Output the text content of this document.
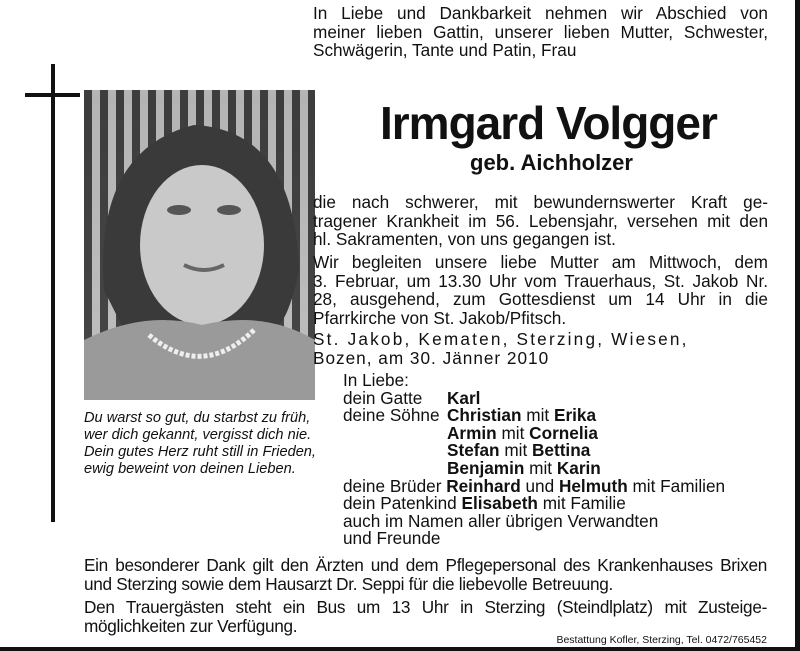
In Liebe und Dankbarkeit nehmen wir Abschied von
meiner lieben Gattin, unserer lieben Mutter, Schwester,
Schwägerin, Tante und Patin, Frau
Irmgard Volgger
geb. Aichholzer
die nach schwerer, mit bewundernswerter Kraft ge-
tragener Krankheit im 56. Lebensjahr, versehen mit den
hl. Sakramenten, von uns gegangen ist.
Wir begleiten unsere liebe Mutter am Mittwoch, dem
3. Februar, um 13.30 Uhr vom Trauerhaus, St. Jakob Nr.
28, ausgehend, zum Gottesdienst um 14 Uhr in die
Pfarrkirche von St. Jakob/Pfitsch.
St. Jakob, Kematen, Sterzing, Wiesen,
Bozen, am 30. Jänner 2010
Du warst so gut, du starbst zu früh,
wer dich gekannt, vergisst dich nie.
Dein gutes Herz ruht still in Frieden,
ewig beweint von deinen Lieben.
In Liebe:
dein Gatte	Karl
deine Söhne Christian
mit
Erika
Armin
mit
Cornelia
Stefan
mit
Bettina
Benjamin
mit
Karin
deine Brüder
Reinhard
und
Helmuth
mit Familien
dein Patenkind
Elisabeth
mit Familie
auch im Namen aller übrigen Verwandten
und Freunde
Ein besonderer Dank gilt den Ärzten und dem Pflegepersonal des Krankenhauses Brixen
und Sterzing sowie dem Hausarzt Dr. Seppi für die liebevolle Betreuung.
Den Trauergästen steht ein Bus um 13 Uhr in Sterzing (Steindlplatz) mit Zusteige-
möglichkeiten zur Verfügung.
Bestattung Kofler, Sterzing, Tel. 0472/765452
